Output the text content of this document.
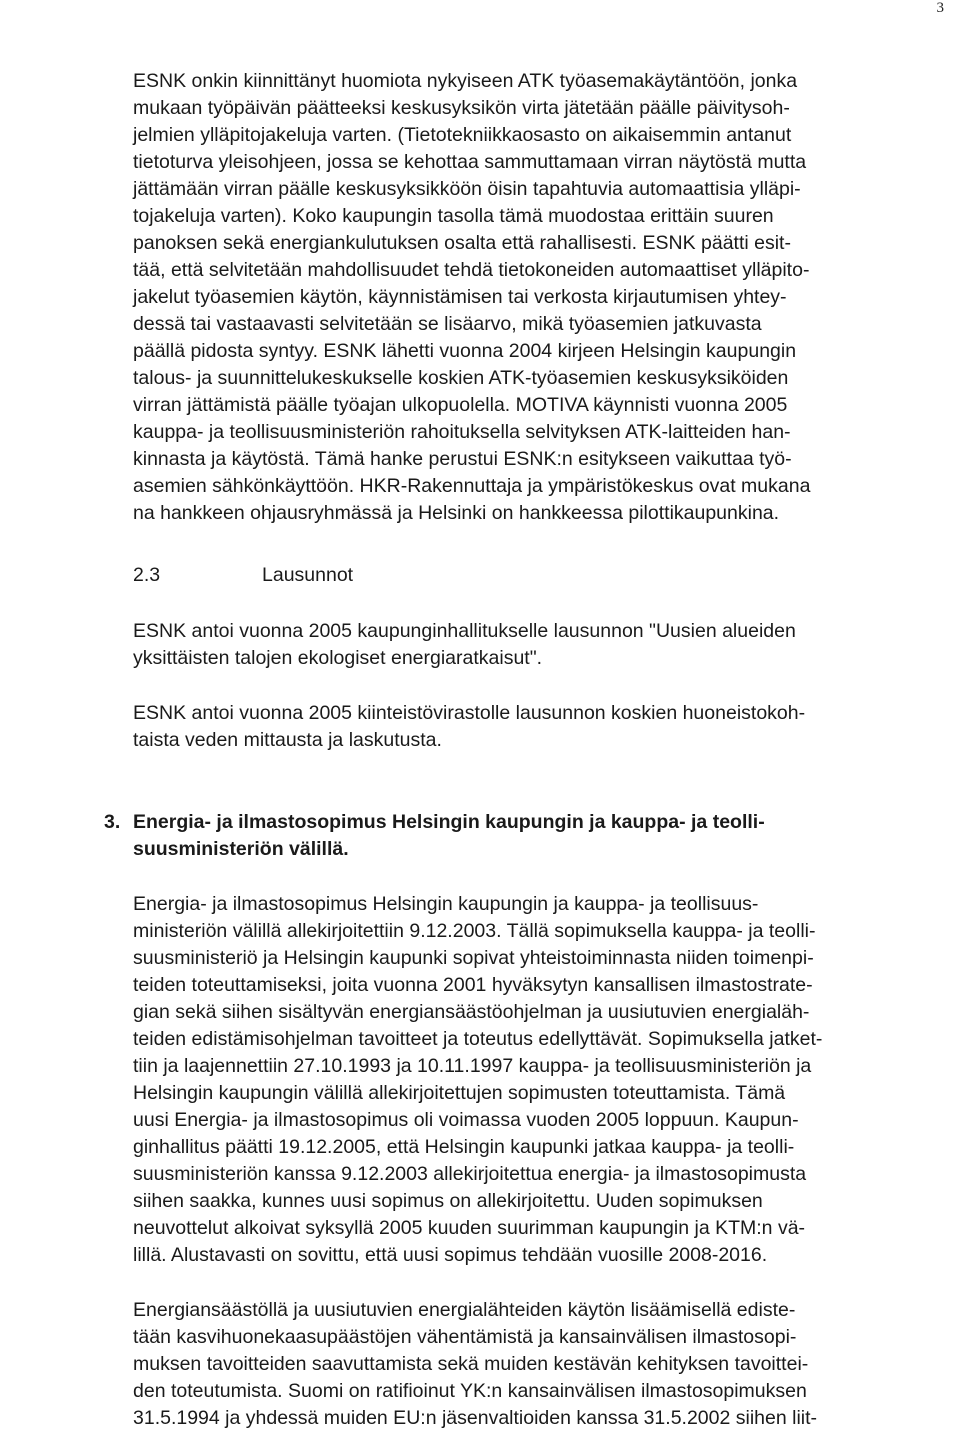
3
ESNK onkin kiinnittänyt huomiota nykyiseen ATK työasemakäytäntöön, jonka
mukaan työpäivän päätteeksi keskusyksikön virta jätetään päälle päivitysoh-
jelmien ylläpitojakeluja varten. (Tietotekniikkaosasto on aikaisemmin antanut
tietoturva yleisohjeen, jossa se kehottaa sammuttamaan virran näytöstä mutta
jättämään virran päälle keskusyksikköön öisin tapahtuvia automaattisia ylläpi-
tojakeluja varten). Koko kaupungin tasolla tämä muodostaa erittäin suuren
panoksen sekä energiankulutuksen osalta että rahallisesti. ESNK päätti esit-
tää, että selvitetään mahdollisuudet tehdä tietokoneiden automaattiset ylläpito-
jakelut työasemien käytön, käynnistämisen tai verkosta kirjautumisen yhtey-
dessä tai vastaavasti selvitetään se lisäarvo, mikä työasemien jatkuvasta
päällä pidosta syntyy. ESNK lähetti vuonna 2004 kirjeen Helsingin kaupungin
talous- ja suunnittelukeskukselle koskien ATK-työasemien keskusyksiköiden
virran jättämistä päälle työajan ulkopuolella. MOTIVA käynnisti vuonna 2005
kauppa- ja teollisuusministeriön rahoituksella selvityksen ATK-laitteiden han-
kinnasta ja käytöstä. Tämä hanke perustui ESNK:n esitykseen vaikuttaa työ-
asemien sähkönkäyttöön. HKR-Rakennuttaja ja ympäristökeskus ovat mukana
na hankkeen ohjausryhmässä ja Helsinki on hankkeessa pilottikaupunkina.
2.3	Lausunnot
ESNK antoi vuonna 2005 kaupunginhallitukselle lausunnon "Uusien alueiden
yksittäisten talojen ekologiset energiaratkaisut".
ESNK antoi vuonna 2005 kiinteistövirastolle lausunnon koskien huoneistokoh-
taista veden mittausta ja laskutusta.
3. Energia- ja ilmastosopimus Helsingin kaupungin ja kauppa- ja teolli-
suusministeriön välillä.
Energia- ja ilmastosopimus Helsingin kaupungin ja kauppa- ja teollisuus-
ministeriön välillä allekirjoitettiin 9.12.2003. Tällä sopimuksella kauppa- ja teolli-
suusministeriö ja Helsingin kaupunki sopivat yhteistoiminnasta niiden toimenpi-
teiden toteuttamiseksi, joita vuonna 2001 hyväksytyn kansallisen ilmastostrate-
gian sekä siihen sisältyvän energiansäästöohjelman ja uusiutuvien energialäh-
teiden edistämisohjelman tavoitteet ja toteutus edellyttävät. Sopimuksella jatket-
tiin ja laajennettiin 27.10.1993 ja 10.11.1997 kauppa- ja teollisuusministeriön ja
Helsingin kaupungin välillä allekirjoitettujen sopimusten toteuttamista. Tämä
uusi Energia- ja ilmastosopimus oli voimassa vuoden 2005 loppuun. Kaupun-
ginhallitus päätti 19.12.2005, että Helsingin kaupunki jatkaa kauppa- ja teolli-
suusministeriön kanssa 9.12.2003 allekirjoitettua energia- ja ilmastosopimusta
siihen saakka, kunnes uusi sopimus on allekirjoitettu. Uuden sopimuksen
neuvottelut alkoivat syksyllä 2005 kuuden suurimman kaupungin ja KTM:n vä-
lillä. Alustavasti on sovittu, että uusi sopimus tehdään vuosille 2008-2016.
Energiansäästöllä ja uusiutuvien energialähteiden käytön lisäämisellä ediste-
tään kasvihuonekaasupäästöjen vähentämistä ja kansainvälisen ilmastosopi-
muksen tavoitteiden saavuttamista sekä muiden kestävän kehityksen tavoittei-
den toteutumista. Suomi on ratifioinut YK:n kansainvälisen ilmastosopimuksen
31.5.1994 ja yhdessä muiden EU:n jäsenvaltioiden kanssa 31.5.2002 siihen liit-
